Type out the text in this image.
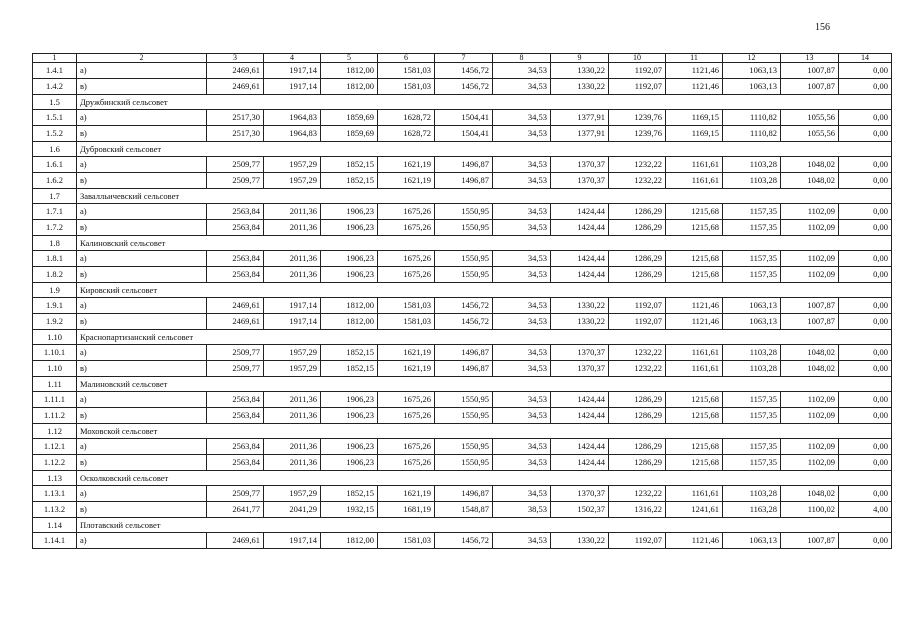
156
1	2	3	4	5	6	7	8	9	10	11	12	13	14
1.4.1	а)	2469,61	1917,14	1812,00	1581,03	1456,72	34,53	1330,22	1192,07	1121,46	1063,13	1007,87	0,00
1.4.2	в)	2469,61	1917,14	1812,00	1581,03	1456,72	34,53	1330,22	1192,07	1121,46	1063,13	1007,87	0,00
1.5	Дружбинский сельсовет												
1.5.1	а)	2517,30	1964,83	1859,69	1628,72	1504,41	34,53	1377,91	1239,76	1169,15	1110,82	1055,56	0,00
1.5.2	в)	2517,30	1964,83	1859,69	1628,72	1504,41	34,53	1377,91	1239,76	1169,15	1110,82	1055,56	0,00
1.6	Дубровский сельсовет												
1.6.1	а)	2509,77	1957,29	1852,15	1621,19	1496,87	34,53	1370,37	1232,22	1161,61	1103,28	1048,02	0,00
1.6.2	в)	2509,77	1957,29	1852,15	1621,19	1496,87	34,53	1370,37	1232,22	1161,61	1103,28	1048,02	0,00
1.7	Завалльичевский сельсовет												
1.7.1	а)	2563,84	2011,36	1906,23	1675,26	1550,95	34,53	1424,44	1286,29	1215,68	1157,35	1102,09	0,00
1.7.2	в)	2563,84	2011,36	1906,23	1675,26	1550,95	34,53	1424,44	1286,29	1215,68	1157,35	1102,09	0,00
1.8	Калиновский сельсовет												
1.8.1	а)	2563,84	2011,36	1906,23	1675,26	1550,95	34,53	1424,44	1286,29	1215,68	1157,35	1102,09	0,00
1.8.2	в)	2563,84	2011,36	1906,23	1675,26	1550,95	34,53	1424,44	1286,29	1215,68	1157,35	1102,09	0,00
1.9	Кировский сельсовет												
1.9.1	а)	2469,61	1917,14	1812,00	1581,03	1456,72	34,53	1330,22	1192,07	1121,46	1063,13	1007,87	0,00
1.9.2	в)	2469,61	1917,14	1812,00	1581,03	1456,72	34,53	1330,22	1192,07	1121,46	1063,13	1007,87	0,00
1.10	Краснопартизанский сельсовет												
1.10.1	а)	2509,77	1957,29	1852,15	1621,19	1496,87	34,53	1370,37	1232,22	1161,61	1103,28	1048,02	0,00
1.10	в)	2509,77	1957,29	1852,15	1621,19	1496,87	34,53	1370,37	1232,22	1161,61	1103,28	1048,02	0,00
1.11	Малиновский сельсовет												
1.11.1	а)	2563,84	2011,36	1906,23	1675,26	1550,95	34,53	1424,44	1286,29	1215,68	1157,35	1102,09	0,00
1.11.2	в)	2563,84	2011,36	1906,23	1675,26	1550,95	34,53	1424,44	1286,29	1215,68	1157,35	1102,09	0,00
1.12	Моховской сельсовет												
1.12.1	а)	2563,84	2011,36	1906,23	1675,26	1550,95	34,53	1424,44	1286,29	1215,68	1157,35	1102,09	0,00
1.12.2	в)	2563,84	2011,36	1906,23	1675,26	1550,95	34,53	1424,44	1286,29	1215,68	1157,35	1102,09	0,00
1.13	Осколковский сельсовет												
1.13.1	а)	2509,77	1957,29	1852,15	1621,19	1496,87	34,53	1370,37	1232,22	1161,61	1103,28	1048,02	0,00
1.13.2	в)	2641,77	2041,29	1932,15	1681,19	1548,87	38,53	1502,37	1316,22	1241,61	1163,28	1100,02	4,00
1.14	Плотавский сельсовет												
1.14.1	а)	2469,61	1917,14	1812,00	1581,03	1456,72	34,53	1330,22	1192,07	1121,46	1063,13	1007,87	0,00
